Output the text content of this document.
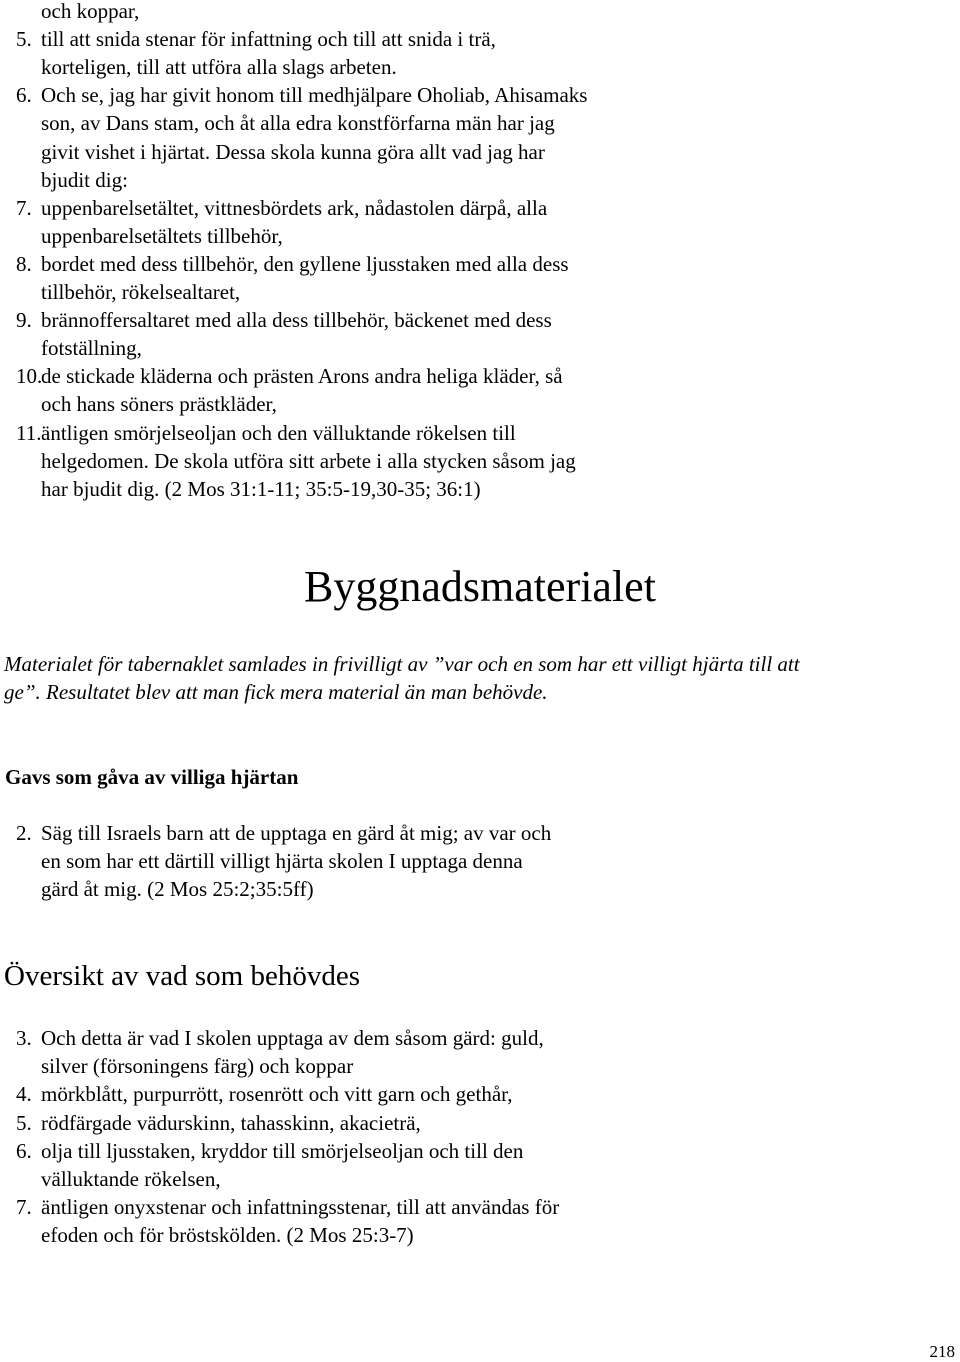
och koppar,
5. till att snida stenar för infattning och till att snida i trä,
korteligen, till att utföra alla slags arbeten.
6. Och se, jag har givit honom till medhjälpare Oholiab, Ahisamaks
son, av Dans stam, och åt alla edra konstförfarna män har jag
givit vishet i hjärtat. Dessa skola kunna göra allt vad jag har
bjudit dig:
7. uppenbarelsetältet, vittnesbördets ark, nådastolen därpå, alla
uppenbarelsetältets tillbehör,
8. bordet med dess tillbehör, den gyllene ljusstaken med alla dess
tillbehör, rökelsealtaret,
9. brännoffersaltaret med alla dess tillbehör, bäckenet med dess
fotställning,
10.
de stickade kläderna och prästen Arons andra heliga kläder, så
och hans söners prästkläder,
11. äntligen smörjelseoljan och den välluktande rökelsen till
helgedomen. De skola utföra sitt arbete i alla stycken såsom jag
har bjudit dig. (2 Mos 31:1-11; 35:5-19,30-35; 36:1)
Byggnadsmaterialet
Materialet för tabernaklet samlades in frivilligt av ”var och en som har ett villigt hjärta till att
ge”. Resultatet blev att man fick mera material än man behövde.
Gavs som gåva av villiga hjärtan
2. Säg till Israels barn att de upptaga en gärd åt mig; av var och
en som har ett därtill villigt hjärta skolen I upptaga denna
gärd åt mig. (2 Mos 25:2;35:5ff)
Översikt av vad som behövdes
3. Och detta är vad I skolen upptaga av dem såsom gärd: guld,
silver (försoningens färg) och koppar
4. mörkblått, purpurrött, rosenrött och vitt garn och gethår,
5. rödfärgade vädurskinn, tahasskinn, akacieträ,
6. olja till ljusstaken, kryddor till smörjelseoljan och till den
välluktande rökelsen,
7. äntligen onyxstenar och infattningsstenar, till att användas för
efoden och för bröstskölden. (2 Mos 25:3-7)
218
